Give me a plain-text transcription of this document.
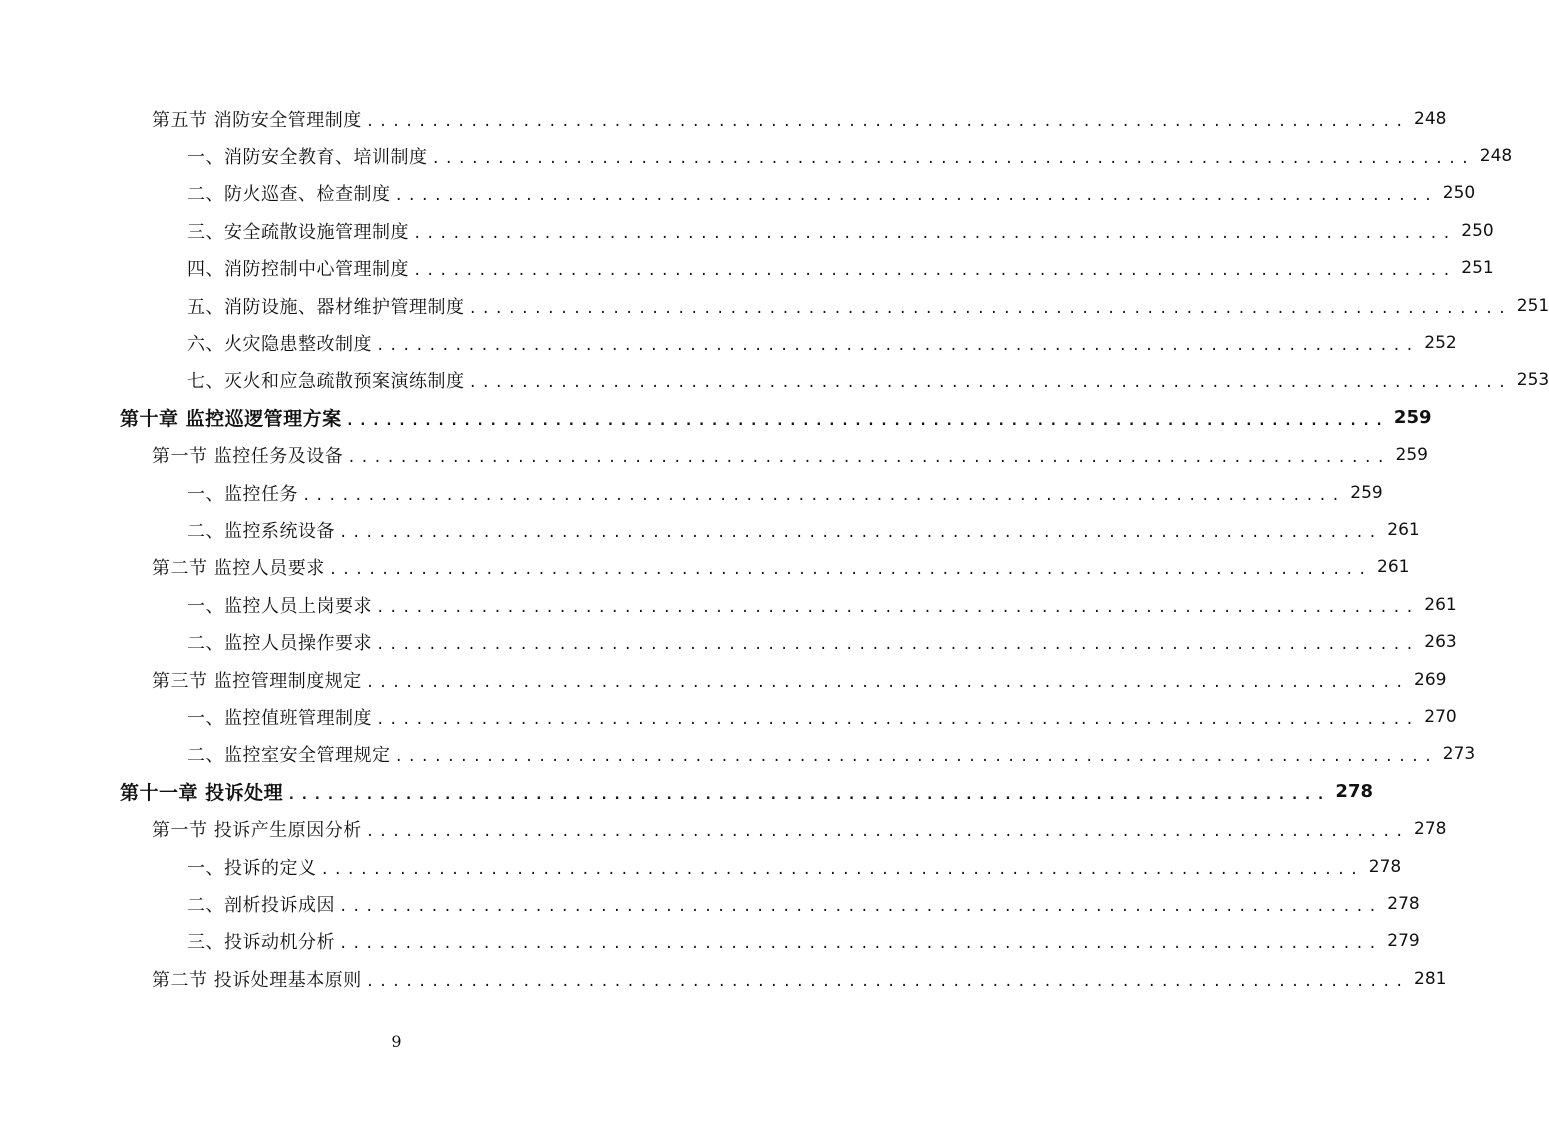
第五节 消防安全管理制度 ................................................................................ 248
一、消防安全教育、培训制度 ................................................................................ 248
二、防火巡查、检查制度 ................................................................................ 250
三、安全疏散设施管理制度 ................................................................................ 250
四、消防控制中心管理制度 ................................................................................ 251
五、消防设施、器材维护管理制度 ................................................................................ 251
六、火灾隐患整改制度 ................................................................................ 252
七、灭火和应急疏散预案演练制度 ................................................................................ 253
第十章 监控巡逻管理方案 ................................................................................ 259
第一节 监控任务及设备 ................................................................................ 259
一、监控任务 ................................................................................ 259
二、监控系统设备 ................................................................................ 261
第二节 监控人员要求 ................................................................................ 261
一、监控人员上岗要求 ................................................................................ 261
二、监控人员操作要求 ................................................................................ 263
第三节 监控管理制度规定 ................................................................................ 269
一、监控值班管理制度 ................................................................................ 270
二、监控室安全管理规定 ................................................................................ 273
第十一章 投诉处理 ................................................................................ 278
第一节 投诉产生原因分析 ................................................................................ 278
一、投诉的定义 ................................................................................ 278
二、剖析投诉成因 ................................................................................ 278
三、投诉动机分析 ................................................................................ 279
第二节 投诉处理基本原则 ................................................................................ 281
9
